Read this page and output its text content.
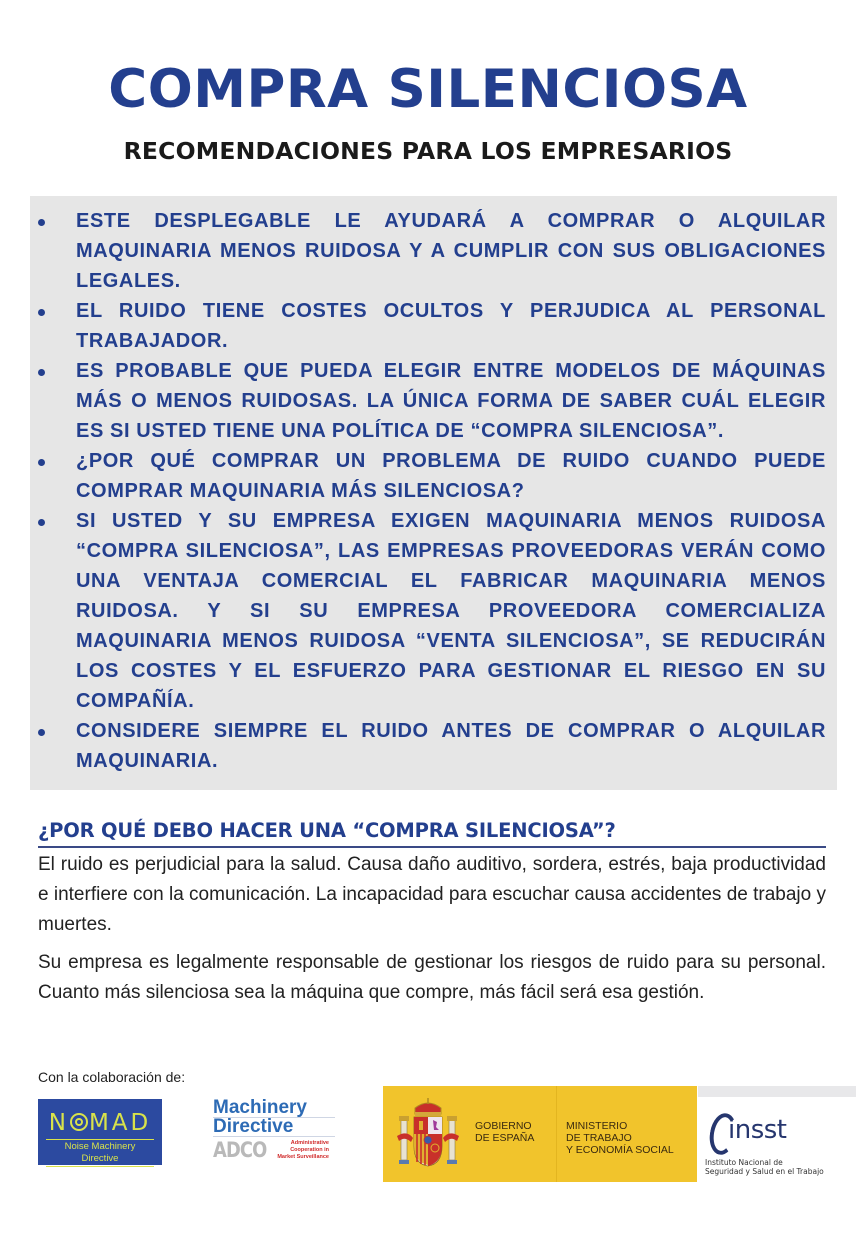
COMPRA SILENCIOSA
RECOMENDACIONES PARA LOS EMPRESARIOS
ESTE DESPLEGABLE LE AYUDARÁ A COMPRAR O ALQUILAR MAQUINARIA MENOS RUIDOSA Y A CUMPLIR CON SUS OBLIGACIONES LEGALES.
EL RUIDO TIENE COSTES OCULTOS Y PERJUDICA AL PERSONAL TRABAJADOR.
ES PROBABLE QUE PUEDA ELEGIR ENTRE MODELOS DE MÁQUINAS MÁS O MENOS RUIDOSAS. LA ÚNICA FORMA DE SABER CUÁL ELEGIR ES SI USTED TIENE UNA POLÍTICA DE “COMPRA SILENCIOSA”.
¿POR QUÉ COMPRAR UN PROBLEMA DE RUIDO CUANDO PUEDE COMPRAR MAQUINARIA MÁS SILENCIOSA?
SI USTED Y SU EMPRESA EXIGEN MAQUINARIA MENOS RUIDOSA “COMPRA SILENCIOSA”, LAS EMPRESAS PROVEEDORAS VERÁN COMO UNA VENTAJA COMERCIAL EL FABRICAR MAQUINARIA MENOS RUIDOSA. Y SI SU EMPRESA PROVEEDORA COMERCIALIZA MAQUINARIA MENOS RUIDOSA “VENTA SILENCIOSA”, SE REDUCIRÁN LOS COSTES Y EL ESFUERZO PARA GESTIONAR EL RIESGO EN SU COMPAÑÍA.
CONSIDERE SIEMPRE EL RUIDO ANTES DE COMPRAR O ALQUILAR MAQUINARIA.
¿POR QUÉ DEBO HACER UNA “COMPRA SILENCIOSA”?

El ruido es perjudicial para la salud. Causa daño auditivo, sordera, estrés, baja productividad e interfiere con la comunicación. La incapacidad para escuchar causa accidentes de trabajo y muertes.

Su empresa es legalmente responsable de gestionar los riesgos de ruido para su personal. Cuanto más silenciosa sea la máquina que compre, más fácil será esa gestión.

Con la colaboración de:
N MAD
Noise Machinery Directive
Machinery
Directive
ADCO	Administrative
Cooperation in
Market Surveillance
GOBIERNO
DE ESPAÑA
MINISTERIO
DE TRABAJO
Y ECONOMÍA SOCIAL
insst
Instituto Nacional de
Seguridad y Salud en el Trabajo
